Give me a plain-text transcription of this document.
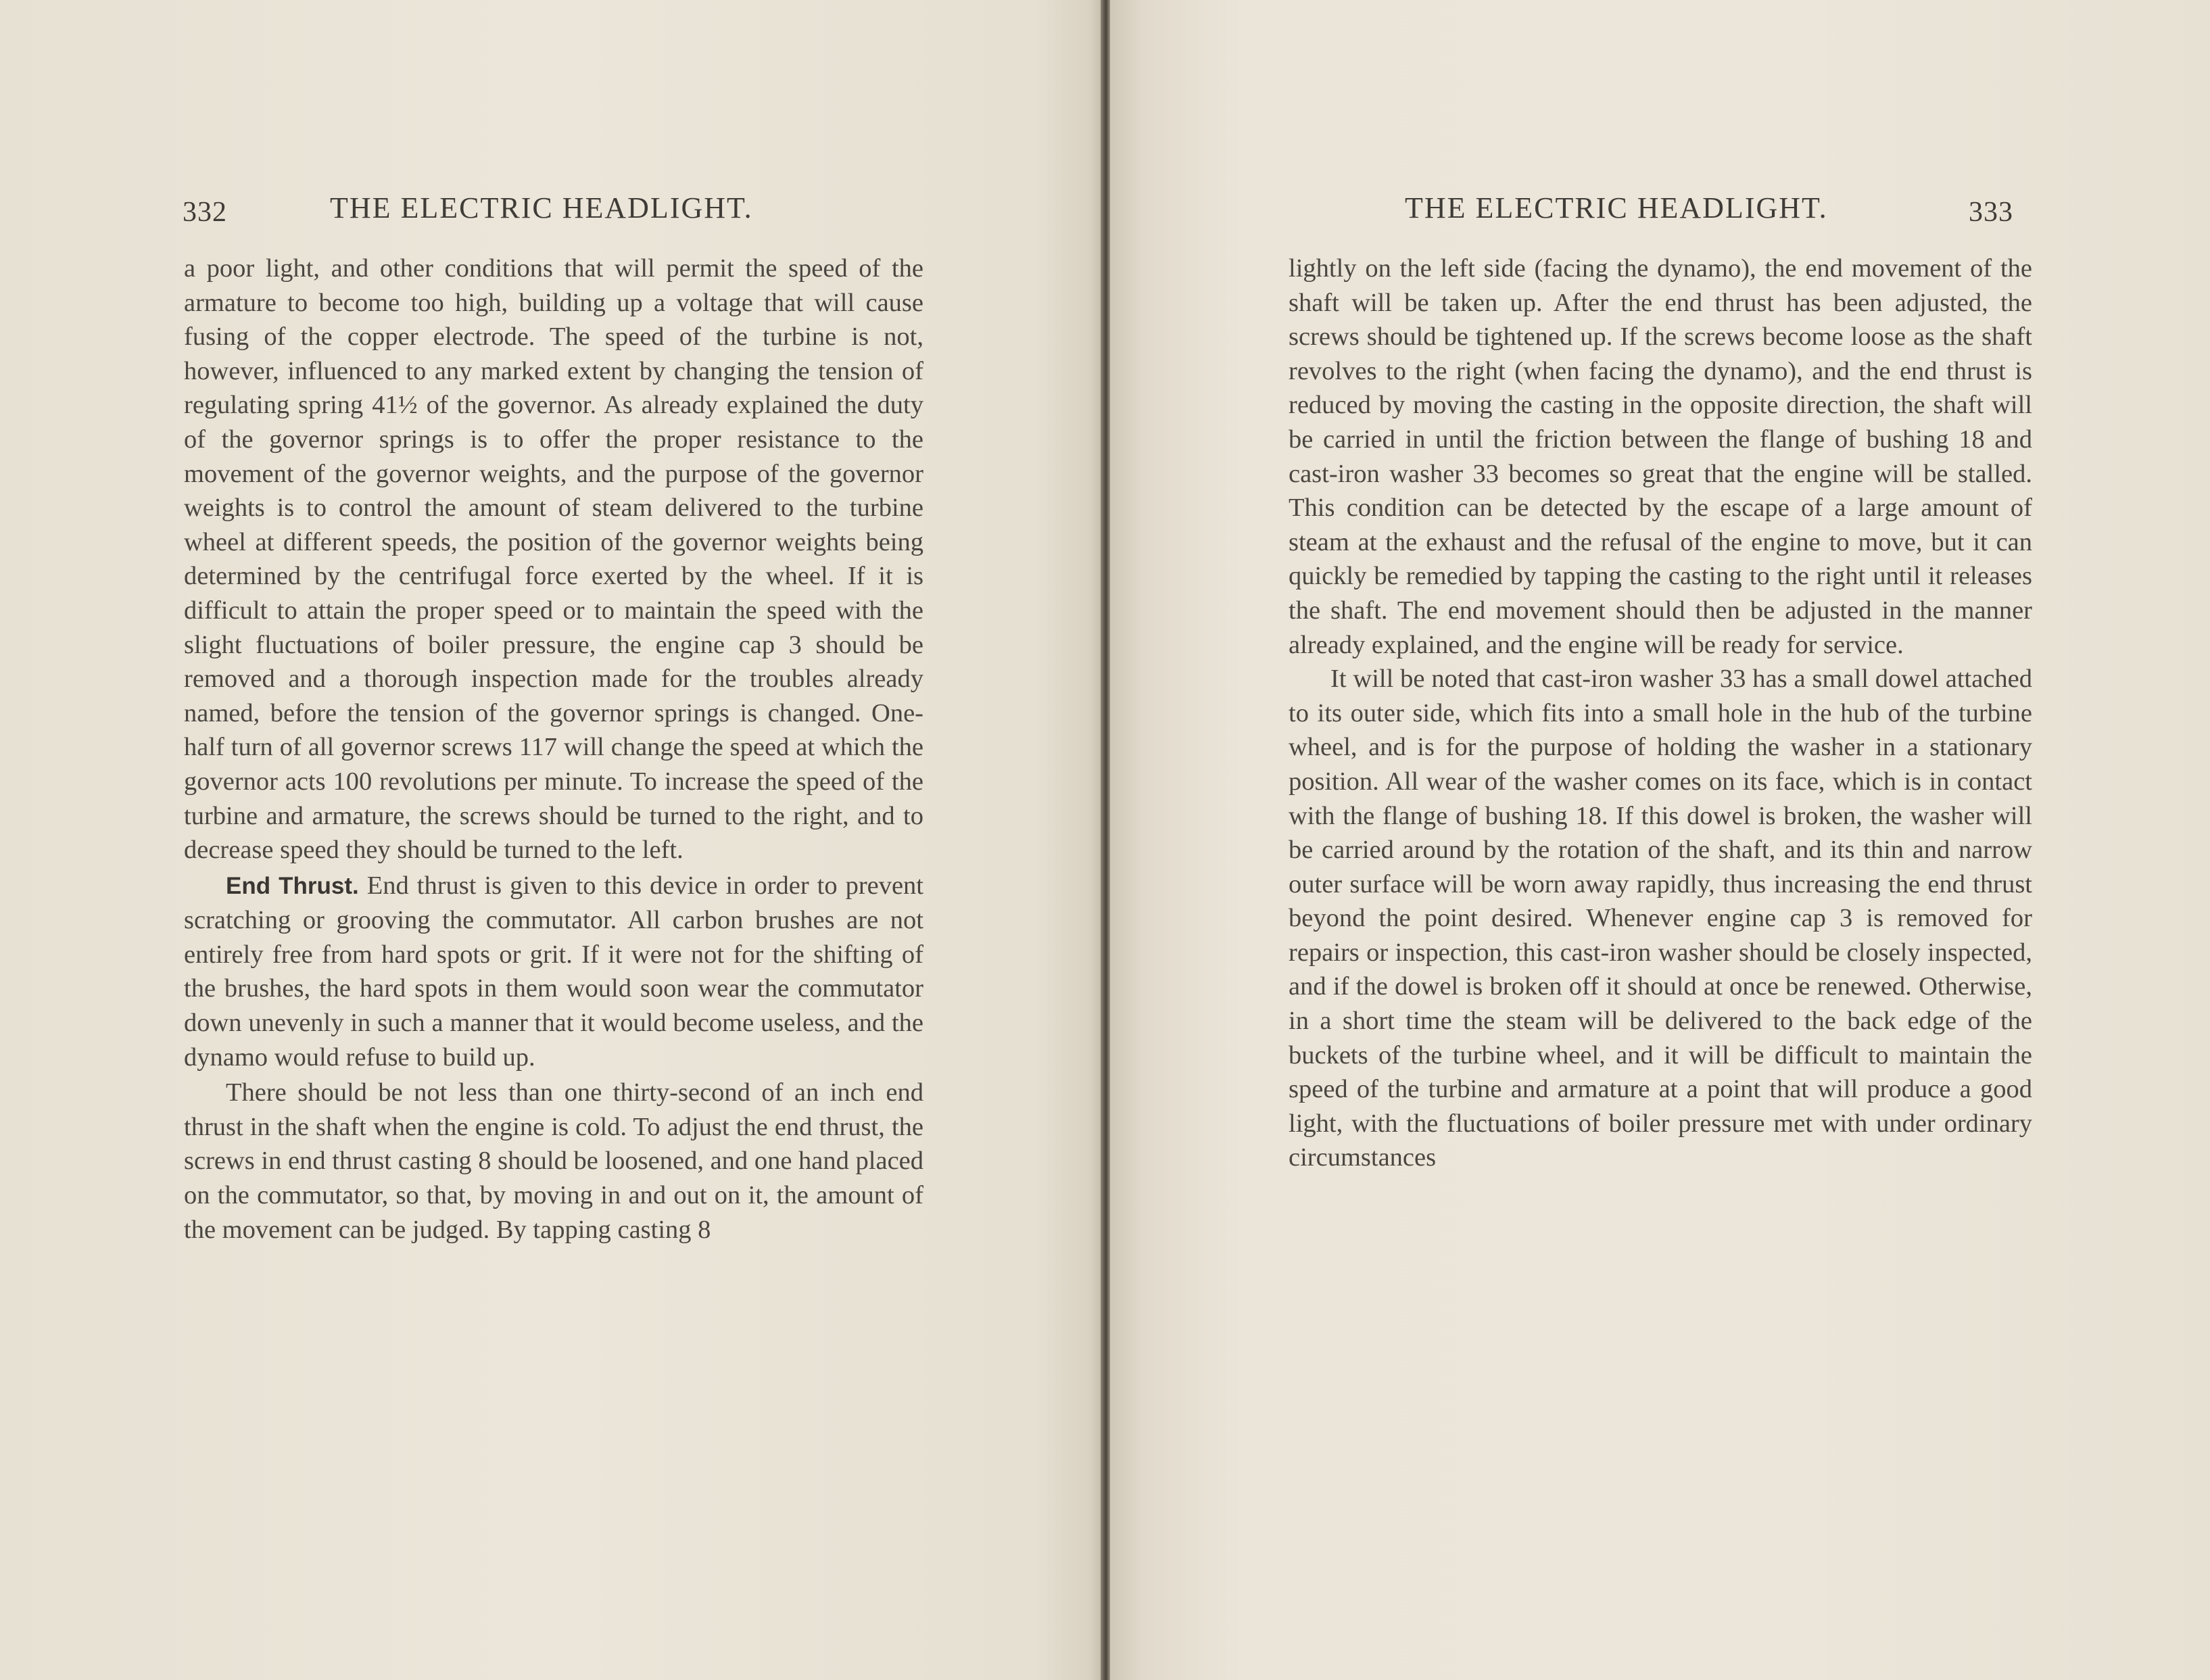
332	THE ELECTRIC HEADLIGHT.

a poor light, and other conditions that will permit the speed of the armature to become too high, building up a voltage that will cause fusing of the copper electrode. The speed of the turbine is not, however, influenced to any marked extent by changing the tension of regulating spring 41½ of the governor. As already explained the duty of the governor springs is to offer the proper resistance to the movement of the governor weights, and the purpose of the governor weights is to control the amount of steam delivered to the turbine wheel at different speeds, the position of the governor weights being determined by the centrifugal force exerted by the wheel. If it is difficult to attain the proper speed or to maintain the speed with the slight fluctuations of boiler pressure, the engine cap 3 should be removed and a thorough inspection made for the troubles already named, before the tension of the governor springs is changed. One-half turn of all governor screws 117 will change the speed at which the governor acts 100 revolutions per minute. To increase the speed of the turbine and armature, the screws should be turned to the right, and to decrease speed they should be turned to the left.

End Thrust. End thrust is given to this device in order to prevent scratching or grooving the commutator. All carbon brushes are not entirely free from hard spots or grit. If it were not for the shifting of the brushes, the hard spots in them would soon wear the commutator down unevenly in such a manner that it would become useless, and the dynamo would refuse to build up.

There should be not less than one thirty-second of an inch end thrust in the shaft when the engine is cold. To adjust the end thrust, the screws in end thrust casting 8 should be loosened, and one hand placed on the commutator, so that, by moving in and out on it, the amount of the movement can be judged. By tapping casting 8

THE ELECTRIC HEADLIGHT.	333

lightly on the left side (facing the dynamo), the end movement of the shaft will be taken up. After the end thrust has been adjusted, the screws should be tightened up. If the screws become loose as the shaft revolves to the right (when facing the dynamo), and the end thrust is reduced by moving the casting in the opposite direction, the shaft will be carried in until the friction between the flange of bushing 18 and cast-iron washer 33 becomes so great that the engine will be stalled. This condition can be detected by the escape of a large amount of steam at the exhaust and the refusal of the engine to move, but it can quickly be remedied by tapping the casting to the right until it releases the shaft. The end movement should then be adjusted in the manner already explained, and the engine will be ready for service.

It will be noted that cast-iron washer 33 has a small dowel attached to its outer side, which fits into a small hole in the hub of the turbine wheel, and is for the purpose of holding the washer in a stationary position. All wear of the washer comes on its face, which is in contact with the flange of bushing 18. If this dowel is broken, the washer will be carried around by the rotation of the shaft, and its thin and narrow outer surface will be worn away rapidly, thus increasing the end thrust beyond the point desired. Whenever engine cap 3 is removed for repairs or inspection, this cast-iron washer should be closely inspected, and if the dowel is broken off it should at once be renewed. Otherwise, in a short time the steam will be delivered to the back edge of the buckets of the turbine wheel, and it will be difficult to maintain the speed of the turbine and armature at a point that will produce a good light, with the fluctuations of boiler pressure met with under ordinary circumstances
